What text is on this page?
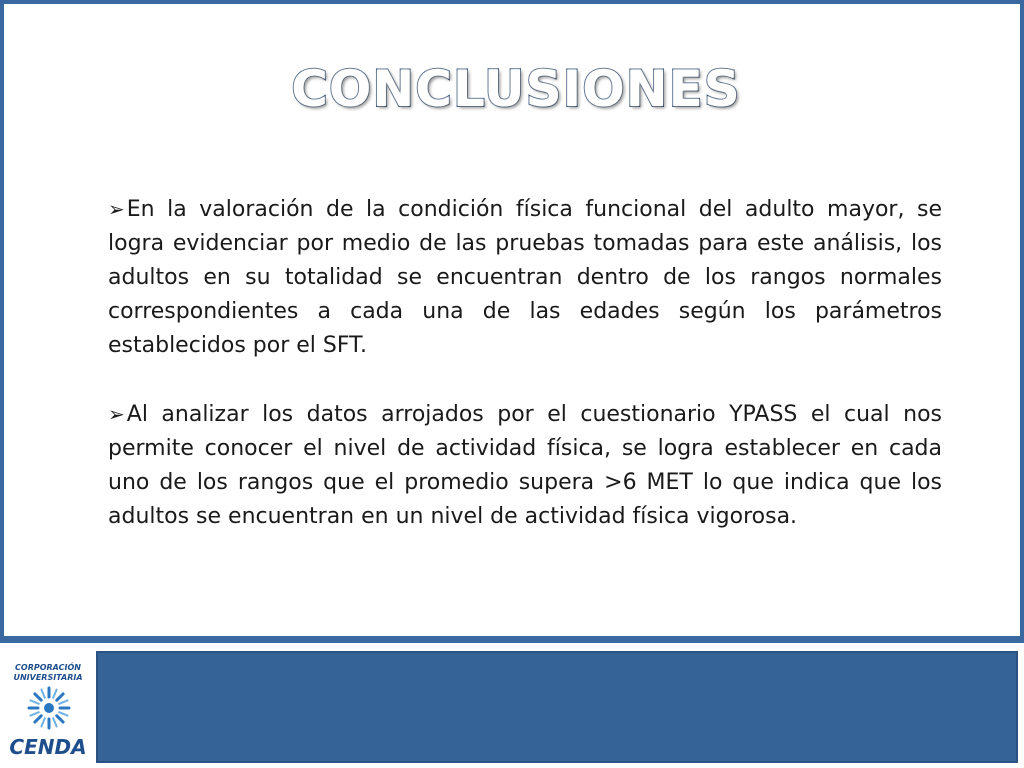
CONCLUSIONES

➢En la valoración de la condición física funcional del adulto mayor, se logra evidenciar por medio de las pruebas tomadas para este análisis, los adultos en su totalidad se encuentran dentro de los rangos normales correspondientes a cada una de las edades según los parámetros establecidos por el SFT.

➢Al analizar los datos arrojados por el cuestionario YPASS el cual nos permite conocer el nivel de actividad física, se logra establecer en cada uno de los rangos que el promedio supera >6 MET lo que indica que los adultos se encuentran en un nivel de actividad física vigorosa.

CORPORACIÓN
UNIVERSITARIA
CENDA
